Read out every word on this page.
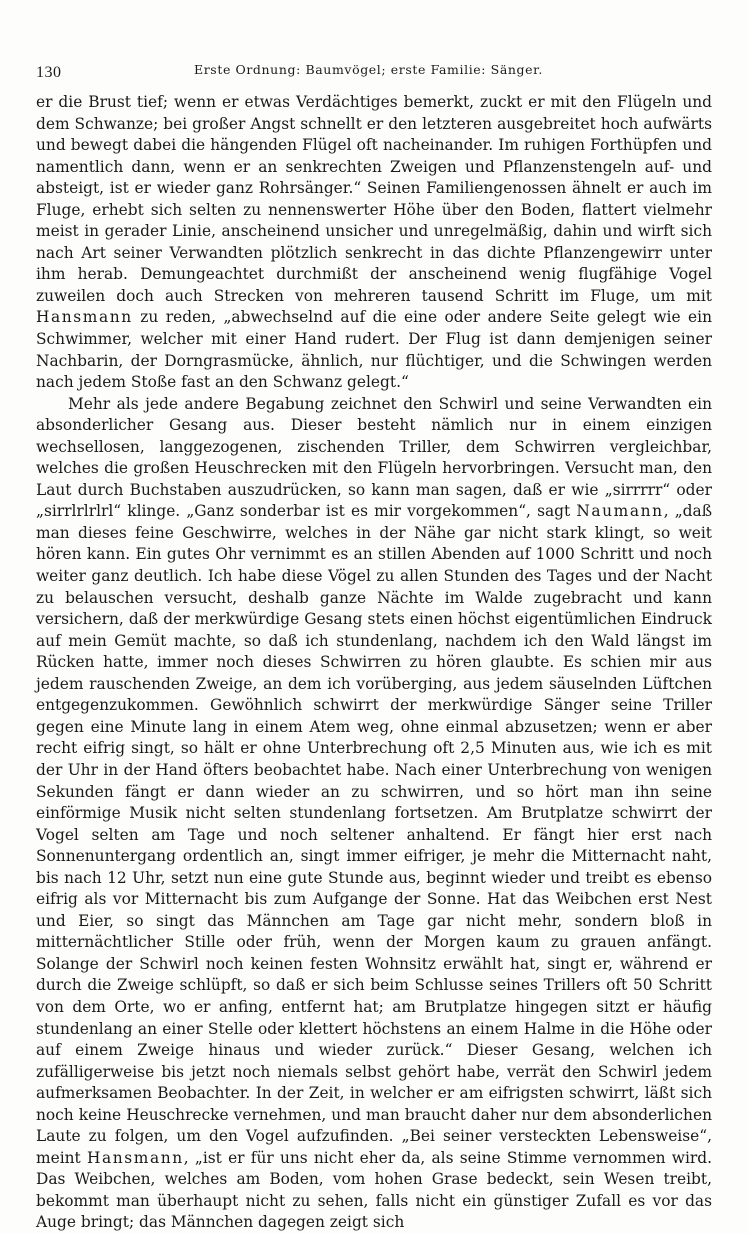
130	Erste Ordnung: Baumvögel; erste Familie: Sänger.

er die Brust tief; wenn er etwas Verdächtiges bemerkt, zuckt er mit den Flügeln und dem Schwanze; bei großer Angst schnellt er den letzteren ausgebreitet hoch aufwärts und bewegt dabei die hängenden Flügel oft nacheinander. Im ruhigen Forthüpfen und namentlich dann, wenn er an senkrechten Zweigen und Pflanzenstengeln auf- und absteigt, ist er wieder ganz Rohrsänger.“ Seinen Familiengenossen ähnelt er auch im Fluge, erhebt sich selten zu nennenswerter Höhe über den Boden, flattert vielmehr meist in gerader Linie, anscheinend unsicher und unregelmäßig, dahin und wirft sich nach Art seiner Verwandten plötzlich senkrecht in das dichte Pflanzengewirr unter ihm herab. Demungeachtet durchmißt der anscheinend wenig flugfähige Vogel zuweilen doch auch Strecken von mehreren tausend Schritt im Fluge, um mit Hansmann zu reden, „abwechselnd auf die eine oder andere Seite gelegt wie ein Schwimmer, welcher mit einer Hand rudert. Der Flug ist dann demjenigen seiner Nachbarin, der Dorngrasmücke, ähnlich, nur flüchtiger, und die Schwingen werden nach jedem Stoße fast an den Schwanz gelegt.“

Mehr als jede andere Begabung zeichnet den Schwirl und seine Verwandten ein absonderlicher Gesang aus. Dieser besteht nämlich nur in einem einzigen wechsellosen, langgezogenen, zischenden Triller, dem Schwirren vergleichbar, welches die großen Heuschrecken mit den Flügeln hervorbringen. Versucht man, den Laut durch Buchstaben auszudrücken, so kann man sagen, daß er wie „sirrrrr“ oder „sirrlrlrlrl“ klinge. „Ganz sonderbar ist es mir vorgekommen“, sagt Naumann, „daß man dieses feine Geschwirre, welches in der Nähe gar nicht stark klingt, so weit hören kann. Ein gutes Ohr vernimmt es an stillen Abenden auf 1000 Schritt und noch weiter ganz deutlich. Ich habe diese Vögel zu allen Stunden des Tages und der Nacht zu belauschen versucht, deshalb ganze Nächte im Walde zugebracht und kann versichern, daß der merkwürdige Gesang stets einen höchst eigentümlichen Eindruck auf mein Gemüt machte, so daß ich stundenlang, nachdem ich den Wald längst im Rücken hatte, immer noch dieses Schwirren zu hören glaubte. Es schien mir aus jedem rauschenden Zweige, an dem ich vorüberging, aus jedem säuselnden Lüftchen entgegenzukommen. Gewöhnlich schwirrt der merkwürdige Sänger seine Triller gegen eine Minute lang in einem Atem weg, ohne einmal abzusetzen; wenn er aber recht eifrig singt, so hält er ohne Unterbrechung oft 2,5 Minuten aus, wie ich es mit der Uhr in der Hand öfters beobachtet habe. Nach einer Unterbrechung von wenigen Sekunden fängt er dann wieder an zu schwirren, und so hört man ihn seine einförmige Musik nicht selten stundenlang fortsetzen. Am Brutplatze schwirrt der Vogel selten am Tage und noch seltener anhaltend. Er fängt hier erst nach Sonnenuntergang ordentlich an, singt immer eifriger, je mehr die Mitternacht naht, bis nach 12 Uhr, setzt nun eine gute Stunde aus, beginnt wieder und treibt es ebenso eifrig als vor Mitternacht bis zum Aufgange der Sonne. Hat das Weibchen erst Nest und Eier, so singt das Männchen am Tage gar nicht mehr, sondern bloß in mitternächtlicher Stille oder früh, wenn der Morgen kaum zu grauen anfängt. Solange der Schwirl noch keinen festen Wohnsitz erwählt hat, singt er, während er durch die Zweige schlüpft, so daß er sich beim Schlusse seines Trillers oft 50 Schritt von dem Orte, wo er anfing, entfernt hat; am Brutplatze hingegen sitzt er häufig stundenlang an einer Stelle oder klettert höchstens an einem Halme in die Höhe oder auf einem Zweige hinaus und wieder zurück.“ Dieser Gesang, welchen ich zufälligerweise bis jetzt noch niemals selbst gehört habe, verrät den Schwirl jedem aufmerksamen Beobachter. In der Zeit, in welcher er am eifrigsten schwirrt, läßt sich noch keine Heuschrecke vernehmen, und man braucht daher nur dem absonderlichen Laute zu folgen, um den Vogel aufzufinden. „Bei seiner versteckten Lebensweise“, meint Hansmann, „ist er für uns nicht eher da, als seine Stimme vernommen wird. Das Weibchen, welches am Boden, vom hohen Grase bedeckt, sein Wesen treibt, bekommt man überhaupt nicht zu sehen, falls nicht ein günstiger Zufall es vor das Auge bringt; das Männchen dagegen zeigt sich
